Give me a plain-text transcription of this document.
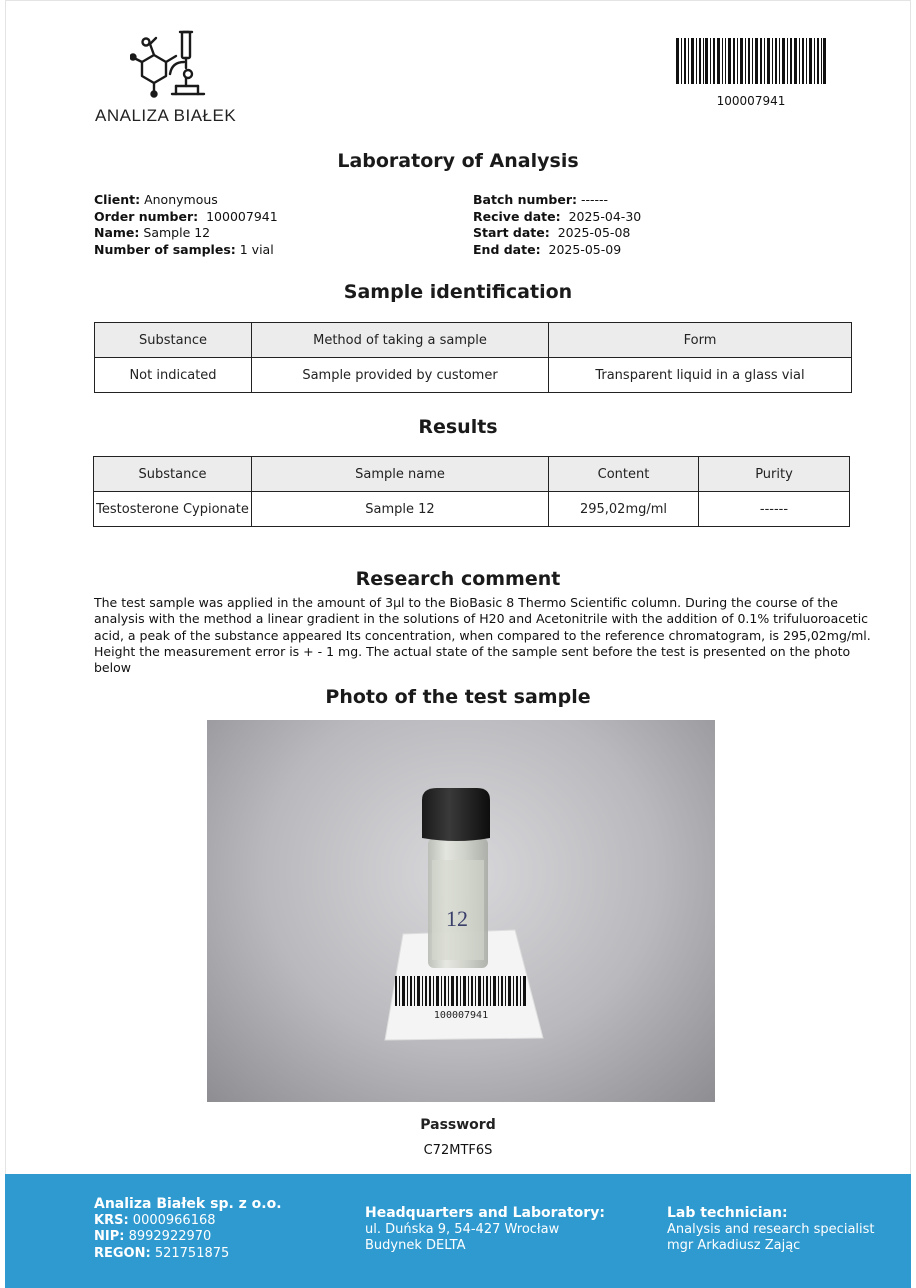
ANALIZA BIAŁEK
100007941
Laboratory of Analysis
Client: Anonymous
Order number: 100007941
Name: Sample 12
Number of samples: 1 vial
Batch number: ------
Recive date: 2025-04-30
Start date: 2025-05-08
End date: 2025-05-09
Sample identification
Substance	Method of taking a sample	Form
Not indicated	Sample provided by customer	Transparent liquid in a glass vial
Results
Substance	Sample name	Content	Purity
Testosterone Cypionate	Sample 12	295,02mg/ml	------
Research comment
The test sample was applied in the amount of 3µl to the BioBasic 8 Thermo Scientific column. During the course of the analysis with the method a linear gradient in the solutions of H20 and Acetonitrile with the addition of 0.1% trifuluoroacetic acid, a peak of the substance appeared Its concentration, when compared to the reference chromatogram, is 295,02mg/ml. Height the measurement error is + - 1 mg. The actual state of the sample sent before the test is presented on the photo below
Photo of the test sample
100007941
12
Password
C72MTF6S
Analiza Białek sp. z o.o.
KRS: 0000966168
NIP: 8992922970
REGON: 521751875
Headquarters and Laboratory:
ul. Duńska 9, 54-427 Wrocław
Budynek DELTA
Lab technician:
Analysis and research specialist
mgr Arkadiusz Zając
